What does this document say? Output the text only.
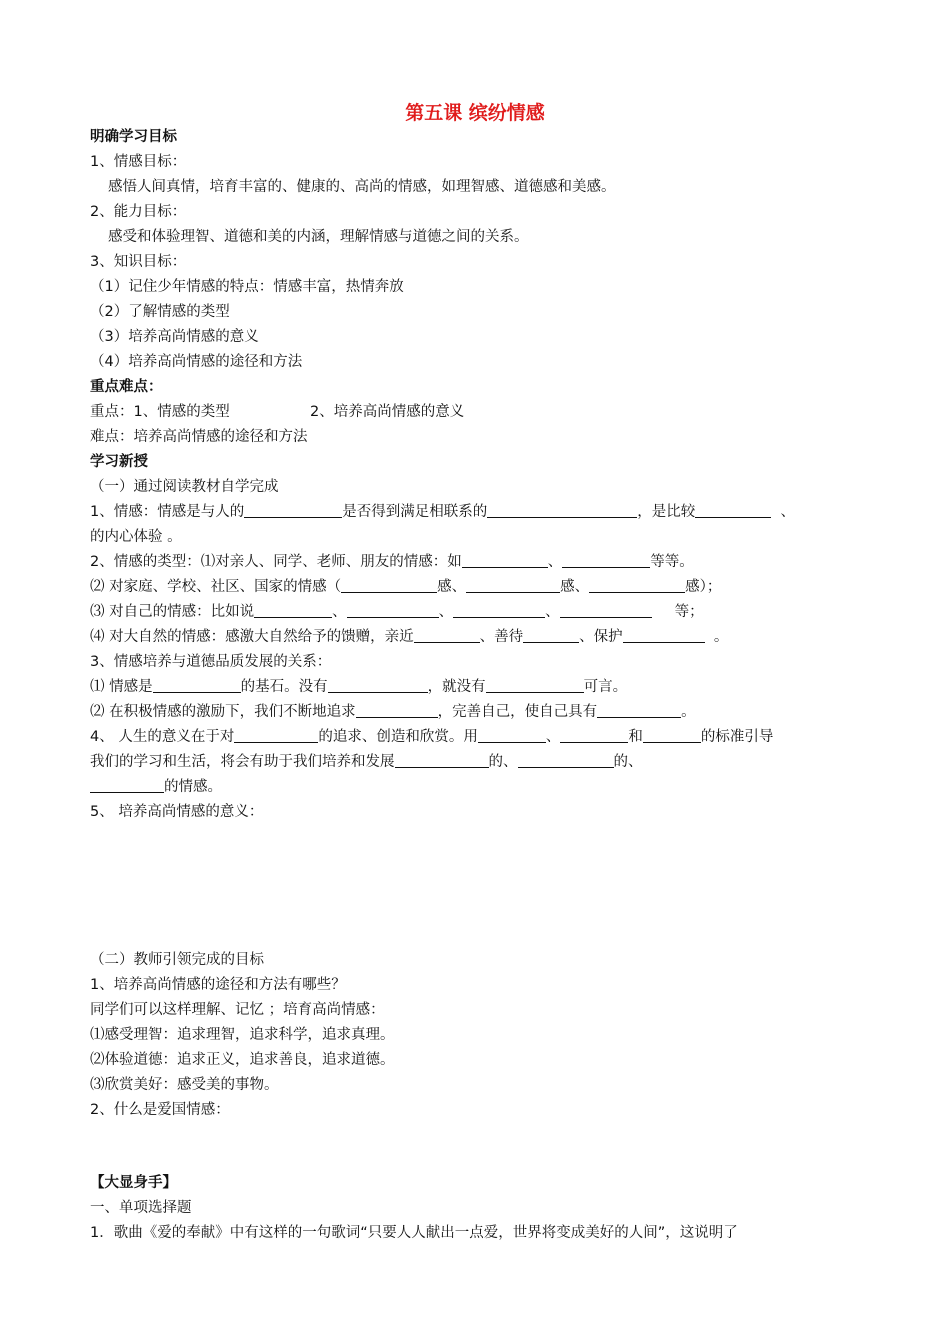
第五课 缤纷情感
明确学习目标
1、情感目标：
感悟人间真情，培育丰富的、健康的、高尚的情感，如理智感、道德感和美感。
2、能力目标：
感受和体验理智、道德和美的内涵，理解情感与道德之间的关系。
3、知识目标：
（1）记住少年情感的特点：情感丰富，热情奔放
（2）了解情感的类型
（3）培养高尚情感的意义
（4）培养高尚情感的途径和方法
重点难点：
重点：1、情感的类型	2、培养高尚情感的意义
难点：培养高尚情感的途径和方法
学习新授
（一）通过阅读教材自学完成
1、情感：情感是与人的	是否得到满足相联系的	，是比较	、
的内心体验 。
2、情感的类型：⑴对亲人、同学、老师、朋友的情感：如	、	等等。
⑵ 对家庭、学校、社区、国家的情感（	感、	感、	感）；
⑶ 对自己的情感：比如说	、	、	、	等；
⑷ 对大自然的情感：感激大自然给予的馈赠，亲近	、善待	、保护	。
3、情感培养与道德品质发展的关系：
⑴ 情感是	的基石。没有	，就没有	可言。
⑵ 在积极情感的激励下，我们不断地追求	，完善自己，使自己具有	。
4、 人生的意义在于对	的追求、创造和欣赏。用	、	和	的标准引导
我们的学习和生活，将会有助于我们培养和发展	的、	的、
的情感。
5、 培养高尚情感的意义：
（二）教师引领完成的目标
1、培养高尚情感的途径和方法有哪些？
同学们可以这样理解、记忆 ；培育高尚情感：
⑴感受理智：追求理智，追求科学，追求真理。
⑵体验道德：追求正义，追求善良，追求道德。
⑶欣赏美好：感受美的事物。
2、什么是爱国情感：
【大显身手】
一、单项选择题
1．歌曲《爱的奉献》中有这样的一句歌词“只要人人献出一点爱，世界将变成美好的人间”，这说明了
